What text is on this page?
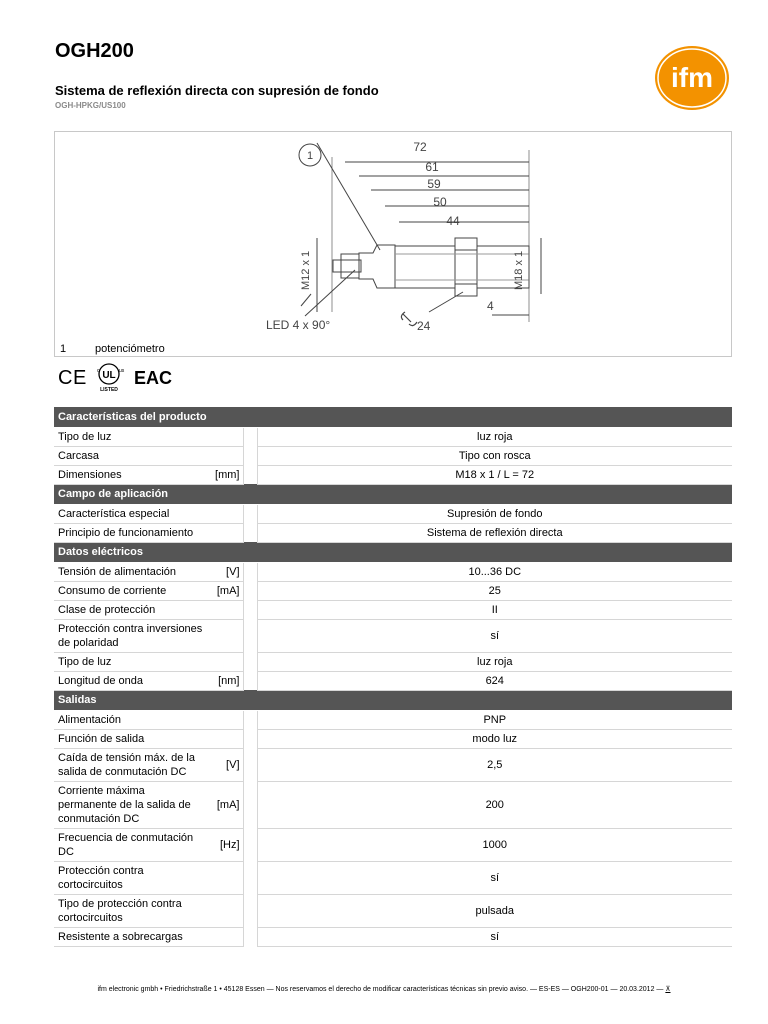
OGH200
Sistema de reflexión directa con supresión de fondo
OGH-HPKG/US100
ifm
1
72
61
59
50
44
M12 x 1	M18 x 1
LED 4 x 90°	24
4
1	potenciómetro
C E UL
c	us
LISTED
EAC
Características del producto			
Tipo de luz			luz roja
Carcasa			Tipo con rosca
Dimensiones	[mm]		M18 x 1 / L = 72
Campo de aplicación			
Característica especial			Supresión de fondo
Principio de funcionamiento			Sistema de reflexión directa
Datos eléctricos			
Tensión de alimentación	[V]		10...36 DC
Consumo de corriente	[mA]		25
Clase de protección			II
Protección contra inversiones de polaridad			sí
Tipo de luz			luz roja
Longitud de onda	[nm]		624
Salidas			
Alimentación			PNP
Función de salida			modo luz
Caída de tensión máx. de la salida de conmutación DC	[V]		2,5
Corriente máxima permanente de la salida de conmutación DC	[mA]		200
Frecuencia de conmutación DC	[Hz]		1000
Protección contra cortocircuitos			sí
Tipo de protección contra cortocircuitos			pulsada
Resistente a sobrecargas			sí
ifm electronic gmbh • Friedrichstraße 1 • 45128 Essen — Nos reservamos el derecho de modificar características técnicas sin previo aviso. — ES-ES — OGH200-01 — 20.03.2012 — ⊼
